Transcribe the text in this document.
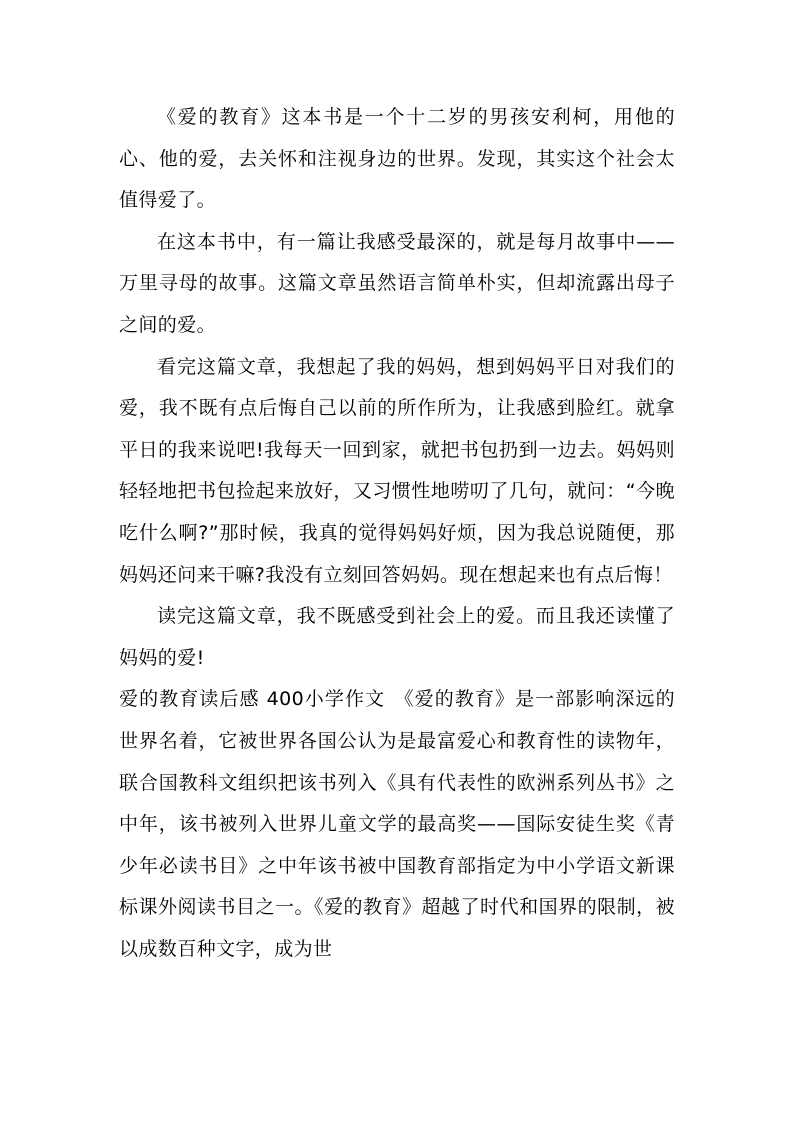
《爱的教育》这本书是一个十二岁的男孩安利柯，用他的心、他的爱，去关怀和注视身边的世界。发现，其实这个社会太值得爱了。

在这本书中，有一篇让我感受最深的，就是每月故事中——万里寻母的故事。这篇文章虽然语言简单朴实，但却流露出母子之间的爱。

看完这篇文章，我想起了我的妈妈，想到妈妈平日对我们的爱，我不既有点后悔自己以前的所作所为，让我感到脸红。就拿平日的我来说吧!我每天一回到家，就把书包扔到一边去。妈妈则轻轻地把书包捡起来放好，又习惯性地唠叨了几句，就问：“今晚吃什么啊?”那时候，我真的觉得妈妈好烦，因为我总说随便，那妈妈还问来干嘛?我没有立刻回答妈妈。现在想起来也有点后悔！

读完这篇文章，我不既感受到社会上的爱。而且我还读懂了妈妈的爱!

爱的教育读后感 400小学作文 《爱的教育》是一部影响深远的世界名着，它被世界各国公认为是最富爱心和教育性的读物年，联合国教科文组织把该书列入《具有代表性的欧洲系列丛书》之中年，该书被列入世界儿童文学的最高奖——国际安徒生奖《青少年必读书目》之中年该书被中国教育部指定为中小学语文新课标课外阅读书目之一。《爱的教育》超越了时代和国界的限制，被以成数百种文字，成为世
